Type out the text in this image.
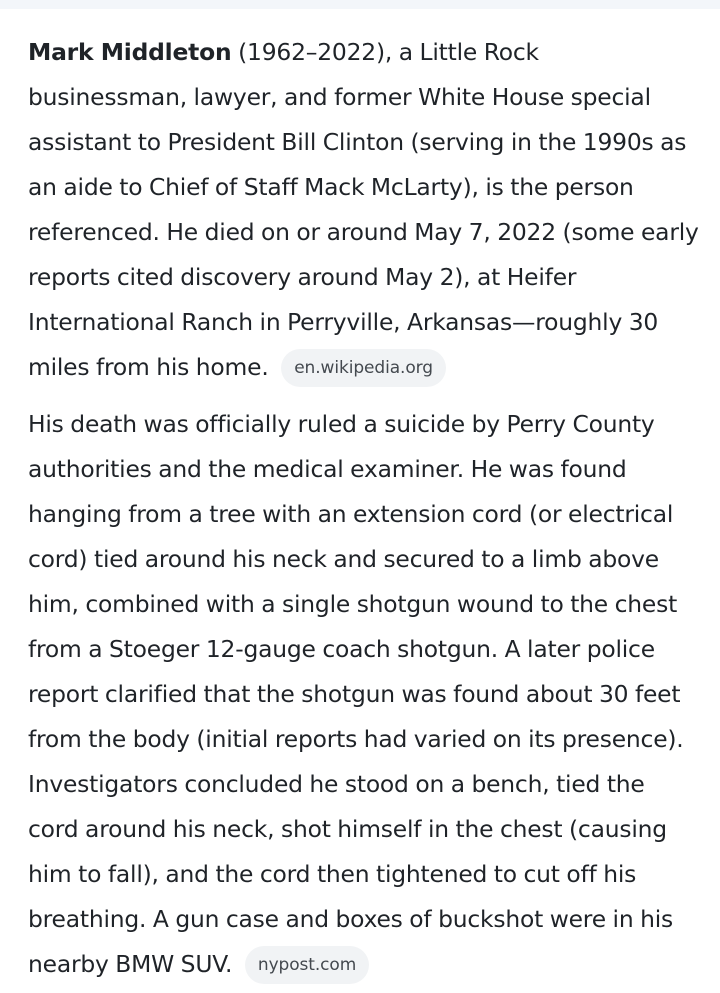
Mark Middleton (1962–2022), a Little Rock businessman, lawyer, and former White House special assistant to President Bill Clinton (serving in the 1990s as an aide to Chief of Staff Mack McLarty), is the person referenced. He died on or around May 7, 2022 (some early reports cited discovery around May 2), at Heifer International Ranch in Perryville, Arkansas—roughly 30 miles from his home. en.wikipedia.org

His death was officially ruled a suicide by Perry County authorities and the medical examiner. He was found hanging from a tree with an extension cord (or electrical cord) tied around his neck and secured to a limb above him, combined with a single shotgun wound to the chest from a Stoeger 12-gauge coach shotgun. A later police report clarified that the shotgun was found about 30 feet from the body (initial reports had varied on its presence). Investigators concluded he stood on a bench, tied the cord around his neck, shot himself in the chest (causing him to fall), and the cord then tightened to cut off his breathing. A gun case and boxes of buckshot were in his nearby BMW SUV. nypost.com
